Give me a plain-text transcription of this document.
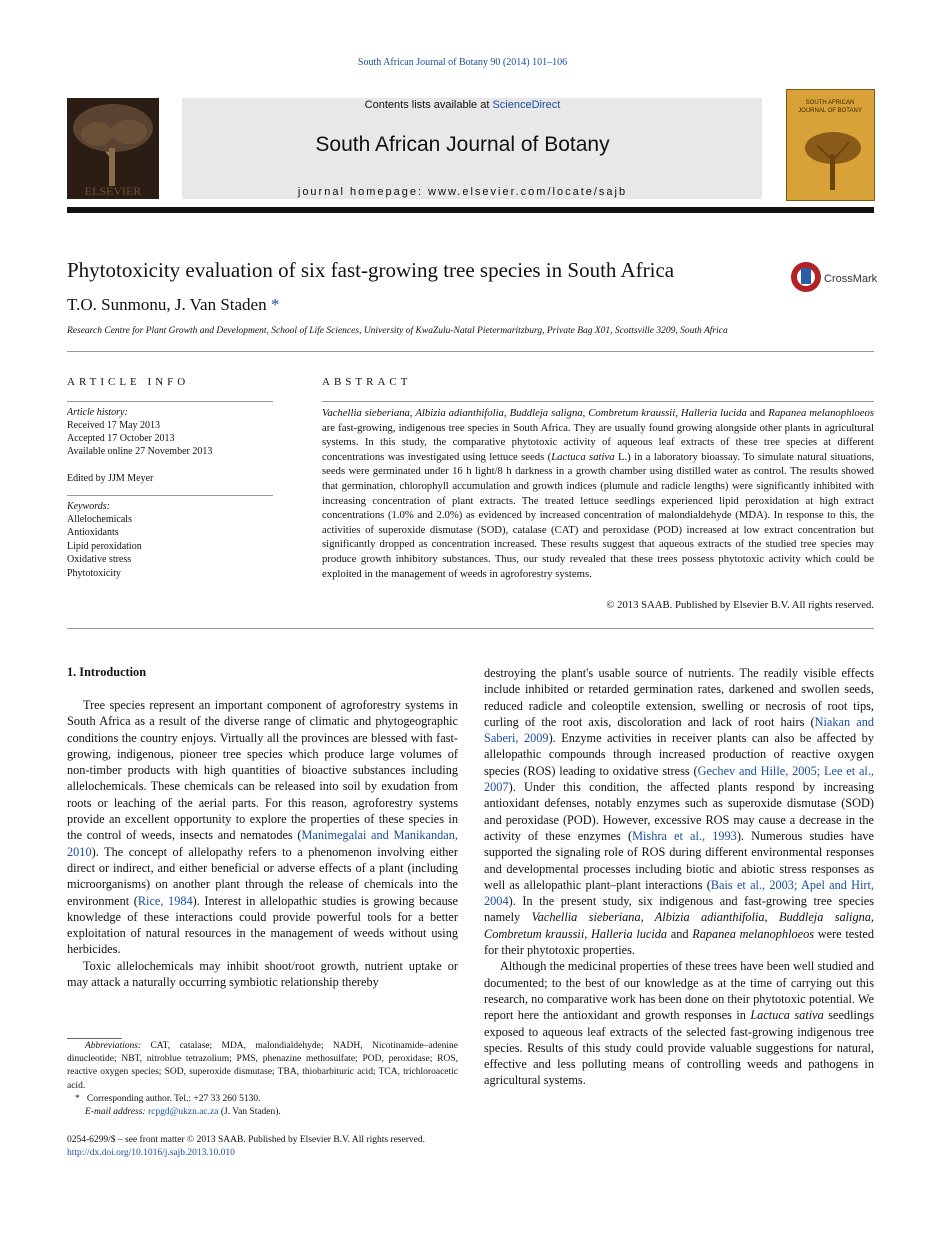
South African Journal of Botany 90 (2014) 101–106
ELSEVIER
Contents lists available at ScienceDirect
South African Journal of Botany
journal homepage: www.elsevier.com/locate/sajb
SOUTH AFRICAN
JOURNAL OF BOTANY
Phytotoxicity evaluation of six fast-growing tree species in South Africa	CrossMark
T.O. Sunmonu, J. Van Staden *
Research Centre for Plant Growth and Development, School of Life Sciences, University of KwaZulu-Natal Pietermaritzburg, Private Bag X01, Scottsville 3209, South Africa
ARTICLE INFO
Article history:
Received 17 May 2013
Accepted 17 October 2013
Available online 27 November 2013
Edited by JJM Meyer
Keywords:
Allelochemicals
Antioxidants
Lipid peroxidation
Oxidative stress
Phytotoxicity
ABSTRACT
Vachellia sieberiana, Albizia adianthifolia, Buddleja saligna, Combretum kraussii, Halleria lucida and Rapanea melanophloeos are fast-growing, indigenous tree species in South Africa. They are usually found growing alongside other plants in agricultural systems. In this study, the comparative phytotoxic activity of aqueous leaf extracts of these tree species at different concentrations was investigated using lettuce seeds (Lactuca sativa L.) in a laboratory bioassay. To simulate natural situations, seeds were germinated under 16 h light/8 h darkness in a growth chamber using distilled water as control. The results showed that germination, chlorophyll accumulation and growth indices (plumule and radicle lengths) were significantly inhibited with increasing concentration of plant extracts. The treated lettuce seedlings experienced lipid peroxidation at high extract concentrations (1.0% and 2.0%) as evidenced by increased concentration of malondialdehyde (MDA). In response to this, the activities of superoxide dismutase (SOD), catalase (CAT) and peroxidase (POD) increased at low extract concentration but significantly dropped as concentration increased. These results suggest that aqueous extracts of the studied tree species may produce growth inhibitory substances. Thus, our study revealed that these trees possess phytotoxic activity which could be exploited in the management of weeds in agroforestry systems.
© 2013 SAAB. Published by Elsevier B.V. All rights reserved.
1. Introduction

Tree species represent an important component of agroforestry systems in South Africa as a result of the diverse range of climatic and phytogeographic conditions the country enjoys. Virtually all the provinces are blessed with fast-growing, indigenous, pioneer tree species which produce large volumes of non-timber products with high quantities of bioactive substances including allelochemicals. These chemicals can be released into soil by exudation from roots or leaching of the aerial parts. For this reason, agroforestry systems provide an excellent opportunity to explore the properties of these species in the control of weeds, insects and nematodes (Manimegalai and Manikandan, 2010). The concept of allelopathy refers to a phenomenon involving either direct or indirect, and either beneficial or adverse effects of a plant (including microorganisms) on another plant through the release of chemicals into the environment (Rice, 1984). Interest in allelopathic studies is growing because knowledge of these interactions could provide powerful tools for a better exploitation of natural resources in the management of weeds without using herbicides.

Toxic allelochemicals may inhibit shoot/root growth, nutrient uptake or may attack a naturally occurring symbiotic relationship thereby

destroying the plant's usable source of nutrients. The readily visible effects include inhibited or retarded germination rates, darkened and swollen seeds, reduced radicle and coleoptile extension, swelling or necrosis of root tips, curling of the root axis, discoloration and lack of root hairs (Niakan and Saberi, 2009). Enzyme activities in receiver plants can also be affected by allelopathic compounds through increased production of reactive oxygen species (ROS) leading to oxidative stress (Gechev and Hille, 2005; Lee et al., 2007). Under this condition, the affected plants respond by increasing antioxidant defenses, notably enzymes such as superoxide dismutase (SOD) and peroxidase (POD). However, excessive ROS may cause a decrease in the activity of these enzymes (Mishra et al., 1993). Numerous studies have supported the signaling role of ROS during different environmental responses and developmental processes including biotic and abiotic stress responses as well as allelopathic plant–plant interactions (Bais et al., 2003; Apel and Hirt, 2004). In the present study, six indigenous and fast-growing tree species namely Vachellia sieberiana, Albizia adianthifolia, Buddleja saligna, Combretum kraussii, Halleria lucida and Rapanea melanophloeos were tested for their phytotoxic properties.

Although the medicinal properties of these trees have been well studied and documented; to the best of our knowledge as at the time of carrying out this research, no comparative work has been done on their phytotoxic potential. We report here the antioxidant and growth responses in Lactuca sativa seedlings exposed to aqueous leaf extracts of the selected fast-growing indigenous tree species. Results of this study could provide valuable suggestions for natural, effective and less polluting means of controlling weeds and pathogens in agricultural systems.

Abbreviations: CAT, catalase; MDA, malondialdehyde; NADH, Nicotinamide–adenine dinucleotide; NBT, nitroblue tetrazolium; PMS, phenazine methosulfate; POD, peroxidase; ROS, reactive oxygen species; SOD, superoxide dismutase; TBA, thiobarbituric acid; TCA, trichloroacetic acid.
* Corresponding author. Tel.: +27 33 260 5130.
E-mail address: rcpgd@ukzn.ac.za (J. Van Staden).
0254-6299/$ – see front matter © 2013 SAAB. Published by Elsevier B.V. All rights reserved.
http://dx.doi.org/10.1016/j.sajb.2013.10.010
